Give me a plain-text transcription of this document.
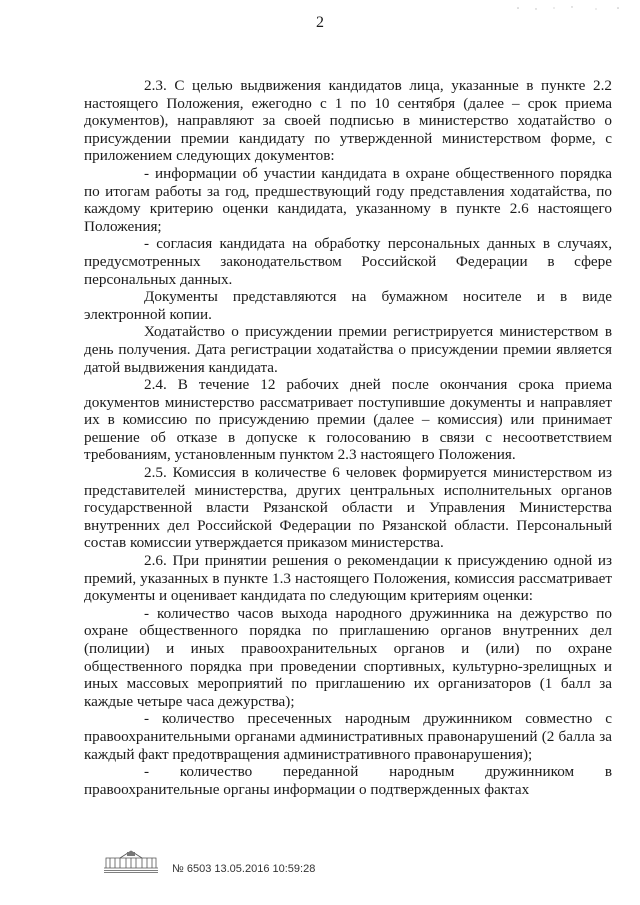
2

2.3. С целью выдвижения кандидатов лица, указанные в пункте 2.2 настоящего Положения, ежегодно с 1 по 10 сентября (далее – срок приема документов), направляют за своей подписью в министерство ходатайство о присуждении премии кандидату по утвержденной министерством форме, с приложением следующих документов:

- информации об участии кандидата в охране общественного порядка по итогам работы за год, предшествующий году представления ходатайства, по каждому критерию оценки кандидата, указанному в пункте 2.6 настоящего Положения;

- согласия кандидата на обработку персональных данных в случаях, предусмотренных законодательством Российской Федерации в сфере персональных данных.

Документы представляются на бумажном носителе и в виде электронной копии.

Ходатайство о присуждении премии регистрируется министерством в день получения. Дата регистрации ходатайства о присуждении премии является датой выдвижения кандидата.

2.4. В течение 12 рабочих дней после окончания срока приема документов министерство рассматривает поступившие документы и направляет их в комиссию по присуждению премии (далее – комиссия) или принимает решение об отказе в допуске к голосованию в связи с несоответствием требованиям, установленным пунктом 2.3 настоящего Положения.

2.5. Комиссия в количестве 6 человек формируется министерством из представителей министерства, других центральных исполнительных органов государственной власти Рязанской области и Управления Министерства внутренних дел Российской Федерации по Рязанской области. Персональный состав комиссии утверждается приказом министерства.

2.6. При принятии решения о рекомендации к присуждению одной из премий, указанных в пункте 1.3 настоящего Положения, комиссия рассматривает документы и оценивает кандидата по следующим критериям оценки:

- количество часов выхода народного дружинника на дежурство по охране общественного порядка по приглашению органов внутренних дел (полиции) и иных правоохранительных органов и (или) по охране общественного порядка при проведении спортивных, культурно-зрелищных и иных массовых мероприятий по приглашению их организаторов (1 балл за каждые четыре часа дежурства);

- количество пресеченных народным дружинником совместно с правоохранительными органами административных правонарушений (2 балла за каждый факт предотвращения административного правонарушения);

- количество переданной народным дружинником в правоохранительные органы информации о подтвержденных фактах

№ 6503 13.05.2016 10:59:28
